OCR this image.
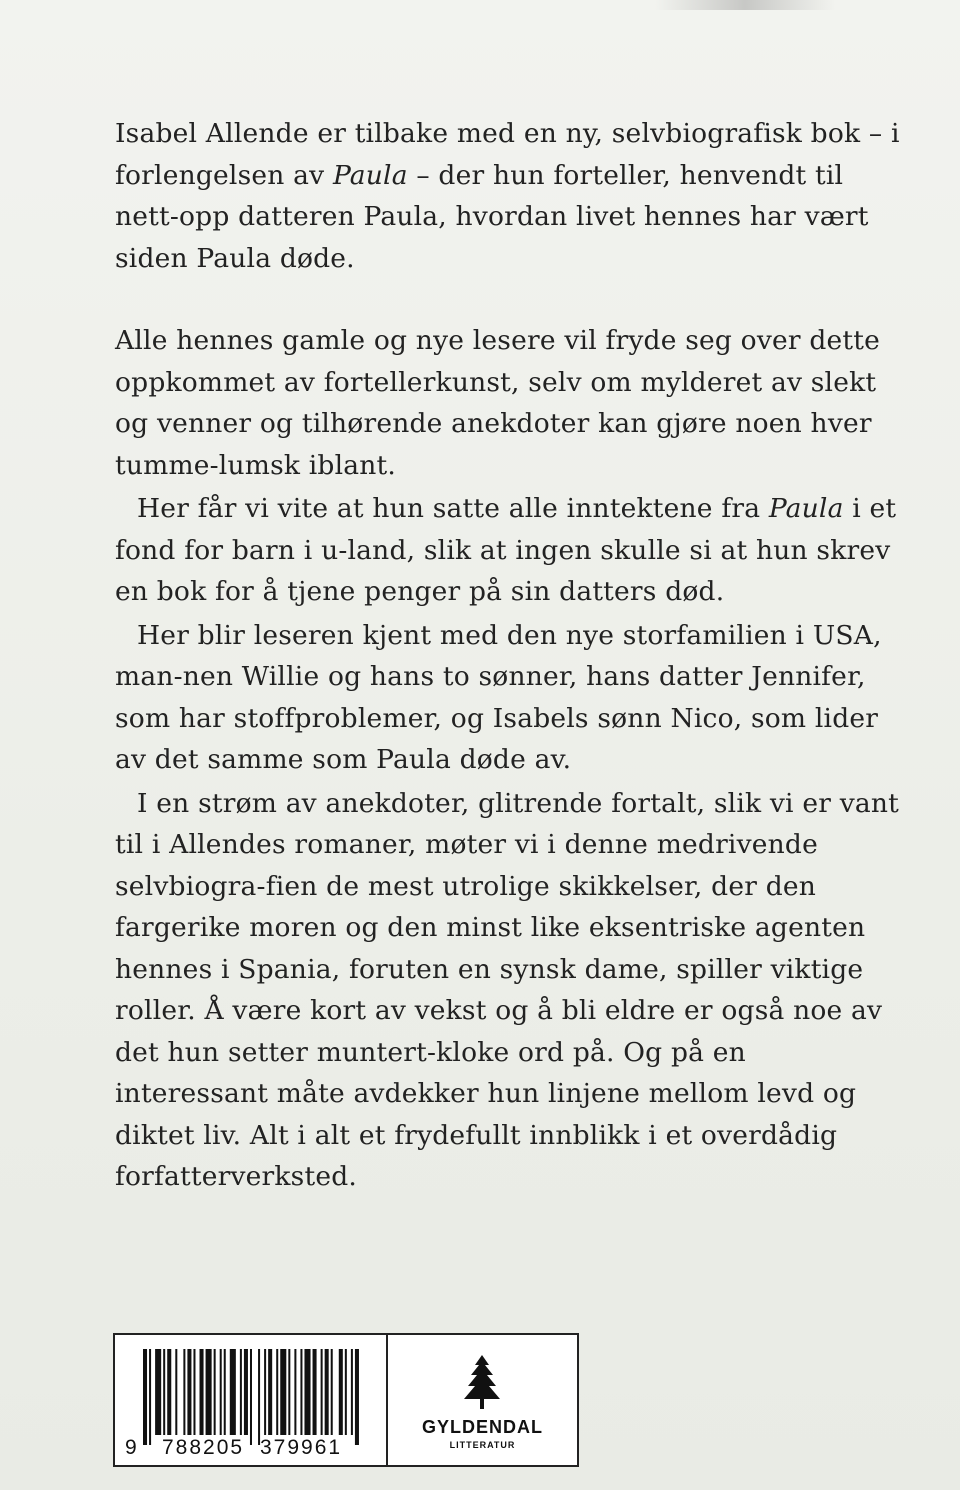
Isabel Allende er tilbake med en ny, selvbiografisk bok – i forlengelsen av Paula – der hun forteller, henvendt til nett-opp datteren Paula, hvordan livet hennes har vært siden Paula døde.

Alle hennes gamle og nye lesere vil fryde seg over dette oppkommet av fortellerkunst, selv om mylderet av slekt og venner og tilhørende anekdoter kan gjøre noen hver tumme-lumsk iblant.

Her får vi vite at hun satte alle inntektene fra Paula i et fond for barn i u-land, slik at ingen skulle si at hun skrev en bok for å tjene penger på sin datters død.

Her blir leseren kjent med den nye storfamilien i USA, man-nen Willie og hans to sønner, hans datter Jennifer, som har stoffproblemer, og Isabels sønn Nico, som lider av det samme som Paula døde av.

I en strøm av anekdoter, glitrende fortalt, slik vi er vant til i Allendes romaner, møter vi i denne medrivende selvbiogra-fien de mest utrolige skikkelser, der den fargerike moren og den minst like eksentriske agenten hennes i Spania, foruten en synsk dame, spiller viktige roller. Å være kort av vekst og å bli eldre er også noe av det hun setter muntert-kloke ord på. Og på en interessant måte avdekker hun linjene mellom levd og diktet liv. Alt i alt et frydefullt innblikk i et overdådig forfatterverksted.

9 788205 379961
GYLDENDAL
LITTERATUR
